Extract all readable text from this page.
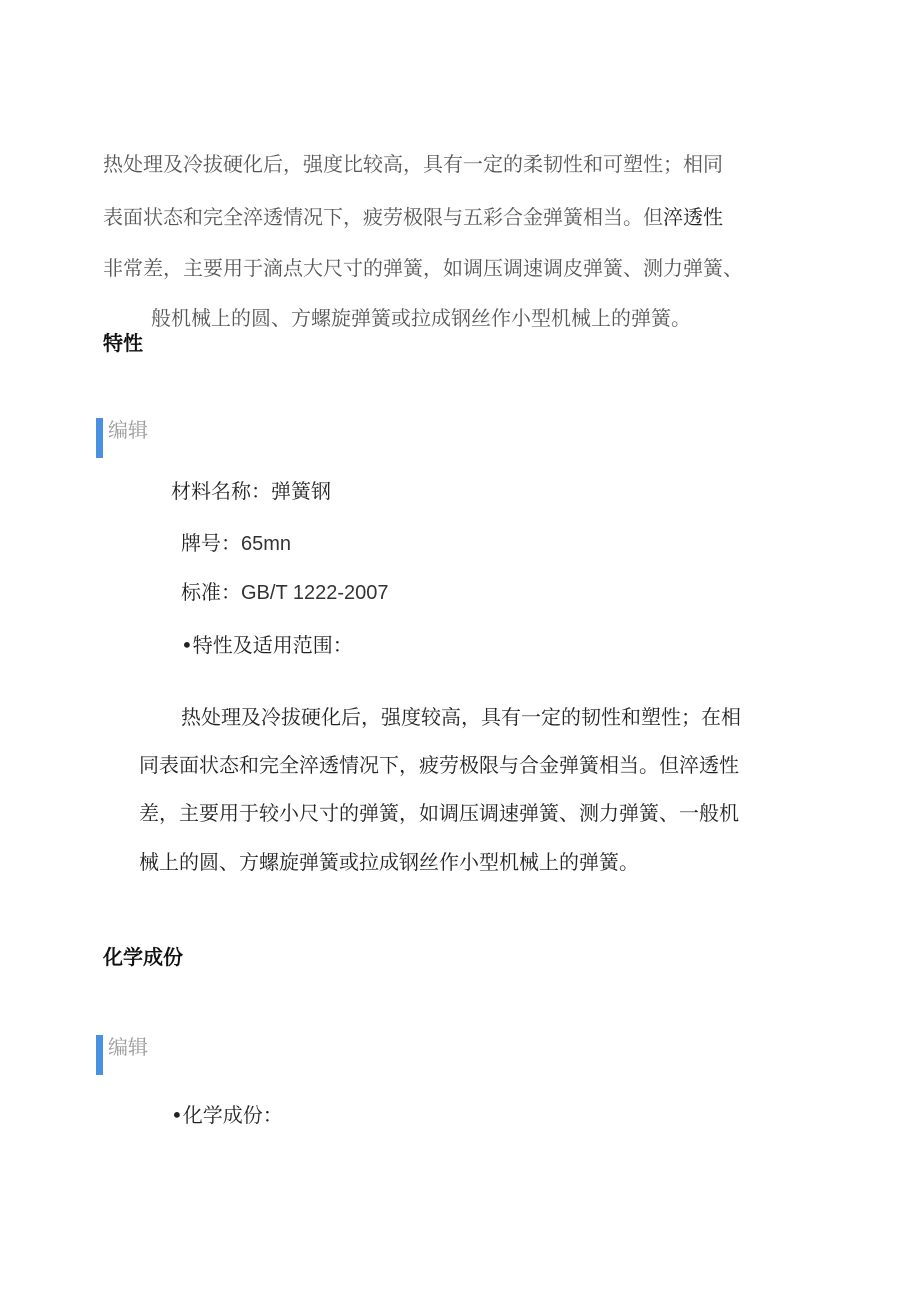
热处理及冷拔硬化后，强度比较高，具有一定的柔韧性和可塑性；相同
表面状态和完全淬透情况下，疲劳极限与五彩合金弹簧相当。但淬透性
非常差，主要用于滴点大尺寸的弹簧，如调压调速调皮弹簧、测力弹簧、
般机械上的圆、方螺旋弹簧或拉成钢丝作小型机械上的弹簧。
特性
编辑
材料名称：弹簧钢
牌号：65mn
标准：GB/T 1222-2007
•特性及适用范围：
热处理及冷拔硬化后，强度较高，具有一定的韧性和塑性；在相
同表面状态和完全淬透情况下，疲劳极限与合金弹簧相当。但淬透性
差，主要用于较小尺寸的弹簧，如调压调速弹簧、测力弹簧、一般机
械上的圆、方螺旋弹簧或拉成钢丝作小型机械上的弹簧。
化学成份
编辑
•化学成份：
